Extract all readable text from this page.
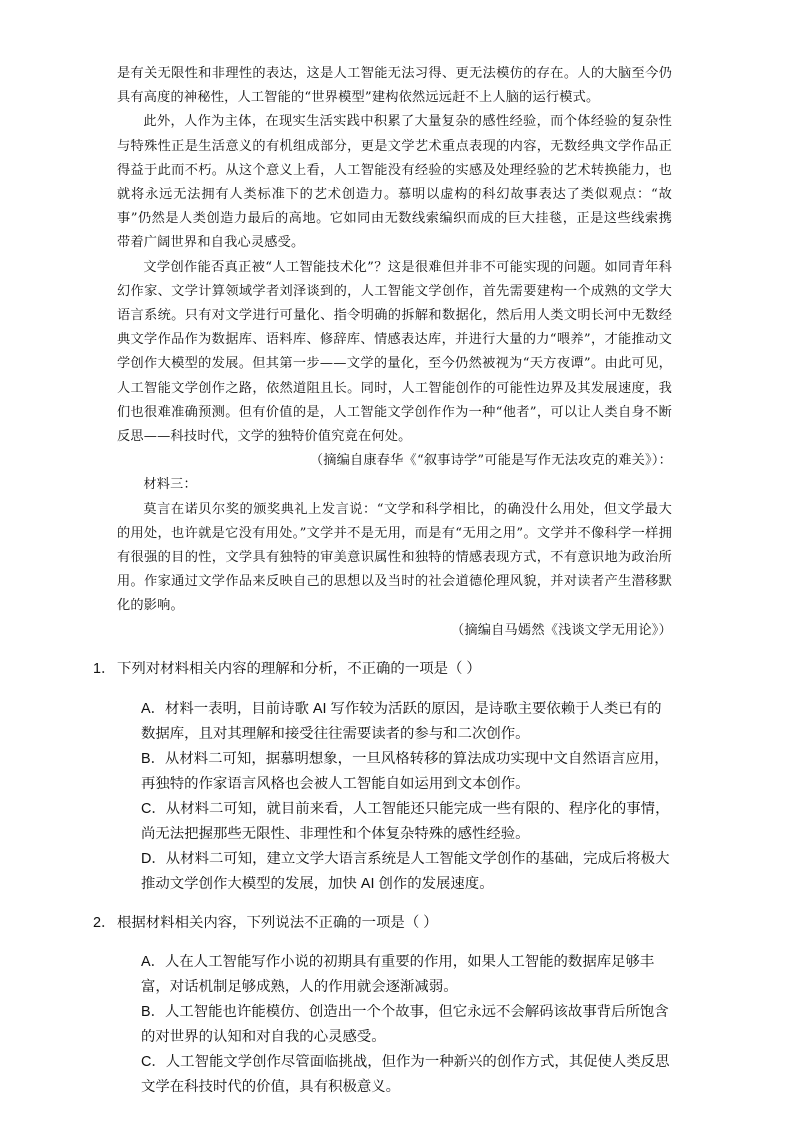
是有关无限性和非理性的表达，这是人工智能无法习得、更无法模仿的存在。人的大脑至今仍具有高度的神秘性，人工智能的“世界模型”建构依然远远赶不上人脑的运行模式。

此外，人作为主体，在现实生活实践中积累了大量复杂的感性经验，而个体经验的复杂性与特殊性正是生活意义的有机组成部分，更是文学艺术重点表现的内容，无数经典文学作品正得益于此而不朽。从这个意义上看，人工智能没有经验的实感及处理经验的艺术转换能力，也就将永远无法拥有人类标准下的艺术创造力。慕明以虚构的科幻故事表达了类似观点：“故事”仍然是人类创造力最后的高地。它如同由无数线索编织而成的巨大挂毯，正是这些线索携带着广阔世界和自我心灵感受。

文学创作能否真正被“人工智能技术化”？这是很难但并非不可能实现的问题。如同青年科幻作家、文学计算领域学者刘泽谈到的，人工智能文学创作，首先需要建构一个成熟的文学大语言系统。只有对文学进行可量化、指令明确的拆解和数据化，然后用人类文明长河中无数经典文学作品作为数据库、语料库、修辞库、情感表达库，并进行大量的力“喂养”，才能推动文学创作大模型的发展。但其第一步——文学的量化，至今仍然被视为“天方夜谭”。由此可见，人工智能文学创作之路，依然道阻且长。同时，人工智能创作的可能性边界及其发展速度，我们也很难准确预测。但有价值的是，人工智能文学创作作为一种“他者”，可以让人类自身不断反思——科技时代，文学的独特价值究竟在何处。

（摘编自康春华《“叙事诗学”可能是写作无法攻克的难关》）：

材料三：

莫言在诺贝尔奖的颁奖典礼上发言说：“文学和科学相比，的确没什么用处，但文学最大的用处，也许就是它没有用处。”文学并不是无用，而是有“无用之用”。文学并不像科学一样拥有很强的目的性，文学具有独特的审美意识属性和独特的情感表现方式，不有意识地为政治所用。作家通过文学作品来反映自己的思想以及当时的社会道德伦理风貌，并对读者产生潜移默化的影响。

（摘编自马嫣然《浅谈文学无用论》）

1． 下列对材料相关内容的理解和分析，不正确的一项是（ ）

A．材料一表明，目前诗歌 AI 写作较为活跃的原因，是诗歌主要依赖于人类已有的数据库，且对其理解和接受往往需要读者的参与和二次创作。

B．从材料二可知，据慕明想象，一旦风格转移的算法成功实现中文自然语言应用，再独特的作家语言风格也会被人工智能自如运用到文本创作。

C．从材料二可知，就目前来看，人工智能还只能完成一些有限的、程序化的事情，尚无法把握那些无限性、非理性和个体复杂特殊的感性经验。

D．从材料二可知，建立文学大语言系统是人工智能文学创作的基础，完成后将极大推动文学创作大模型的发展，加快 AI 创作的发展速度。

2． 根据材料相关内容，下列说法不正确的一项是（ ）

A．人在人工智能写作小说的初期具有重要的作用，如果人工智能的数据库足够丰富，对话机制足够成熟，人的作用就会逐渐减弱。

B．人工智能也许能模仿、创造出一个个故事，但它永远不会解码该故事背后所饱含的对世界的认知和对自我的心灵感受。

C．人工智能文学创作尽管面临挑战，但作为一种新兴的创作方式，其促使人类反思文学在科技时代的价值，具有积极意义。
